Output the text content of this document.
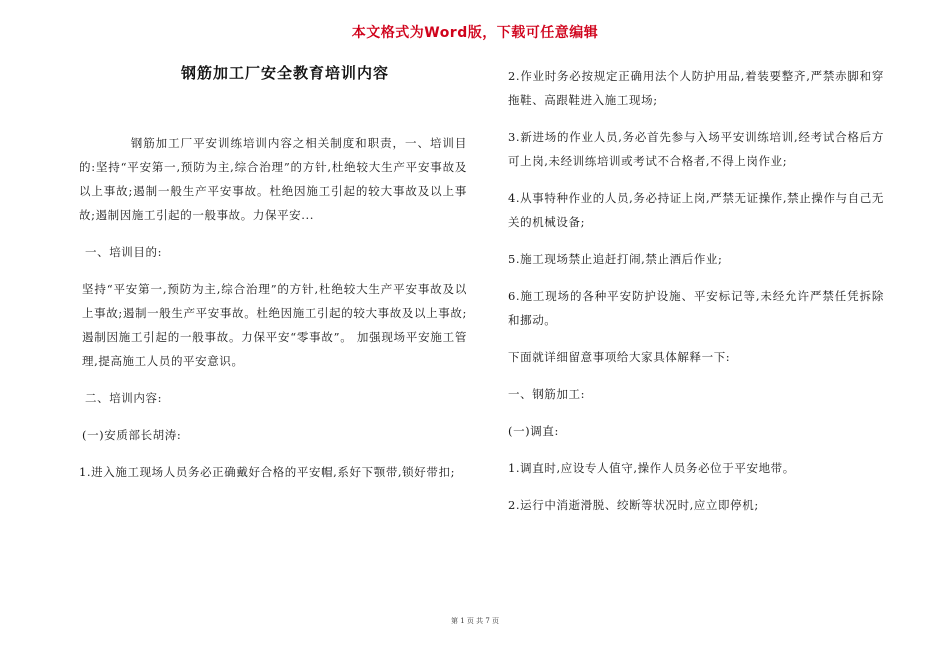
本文格式为Word版，下载可任意编辑
钢筋加工厂安全教育培训内容

钢筋加工厂平安训练培训内容之相关制度和职责，一、培训目的:坚持“平安第一,预防为主,综合治理”的方针,杜绝较大生产平安事故及以上事故;遏制一般生产平安事故。杜绝因施工引起的较大事故及以上事故;遏制因施工引起的一般事故。力保平安...

一、培训目的:

坚持“平安第一,预防为主,综合治理”的方针,杜绝较大生产平安事故及以上事故;遏制一般生产平安事故。杜绝因施工引起的较大事故及以上事故;遏制因施工引起的一般事故。力保平安“零事故”。 加强现场平安施工管理,提高施工人员的平安意识。

二、培训内容:

(一)安质部长胡涛:

1.进入施工现场人员务必正确戴好合格的平安帽,系好下颚带,锁好带扣;

2.作业时务必按规定正确用法个人防护用品,着装要整齐,严禁赤脚和穿拖鞋、高跟鞋进入施工现场;

3.新进场的作业人员,务必首先参与入场平安训练培训,经考试合格后方可上岗,未经训练培训或考试不合格者,不得上岗作业;

4.从事特种作业的人员,务必持证上岗,严禁无证操作,禁止操作与自己无关的机械设备;

5.施工现场禁止追赶打闹,禁止酒后作业;

6.施工现场的各种平安防护设施、平安标记等,未经允许严禁任凭拆除和挪动。

下面就详细留意事项给大家具体解释一下:

一、钢筋加工:

(一)调直:

1.调直时,应设专人值守,操作人员务必位于平安地带。

2.运行中消逝滑脱、绞断等状况时,应立即停机;

第 1 页 共 7 页
